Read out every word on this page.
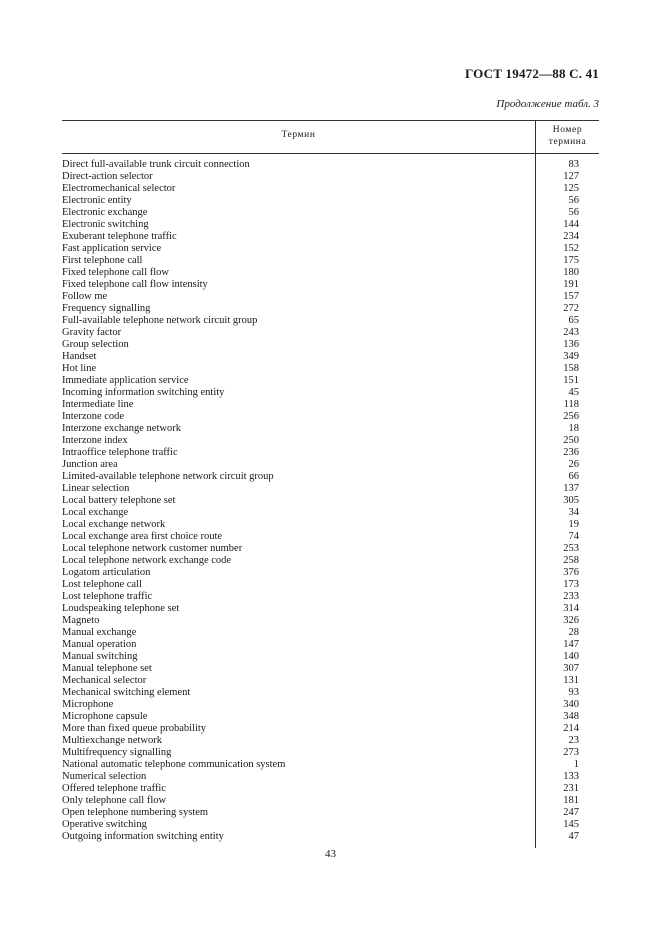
ГОСТ 19472—88 С. 41
Продолжение табл. 3
Термин	Номер
термина
Direct full-available trunk circuit connection	83
Direct-action selector	127
Electromechanical selector	125
Electronic entity	56
Electronic exchange	56
Electronic switching	144
Exuberant telephone traffic	234
Fast application service	152
First telephone call	175
Fixed telephone call flow	180
Fixed telephone call flow intensity	191
Follow me	157
Frequency signalling	272
Full-available telephone network circuit group	65
Gravity factor	243
Group selection	136
Handset	349
Hot line	158
Immediate application service	151
Incoming information switching entity	45
Intermediate line	118
Interzone code	256
Interzone exchange network	18
Interzone index	250
Intraoffice telephone traffic	236
Junction area	26
Limited-available telephone network circuit group	66
Linear selection	137
Local battery telephone set	305
Local exchange	34
Local exchange network	19
Local exchange area first choice route	74
Local telephone network customer number	253
Local telephone network exchange code	258
Logatom articulation	376
Lost telephone call	173
Lost telephone traffic	233
Loudspeaking telephone set	314
Magneto	326
Manual exchange	28
Manual operation	147
Manual switching	140
Manual telephone set	307
Mechanical selector	131
Mechanical switching element	93
Microphone	340
Microphone capsule	348
More than fixed queue probability	214
Multiexchange network	23
Multifrequency signalling	273
National automatic telephone communication system	1
Numerical selection	133
Offered telephone traffic	231
Only telephone call flow	181
Open telephone numbering system	247
Operative switching	145
Outgoing information switching entity	47
43
